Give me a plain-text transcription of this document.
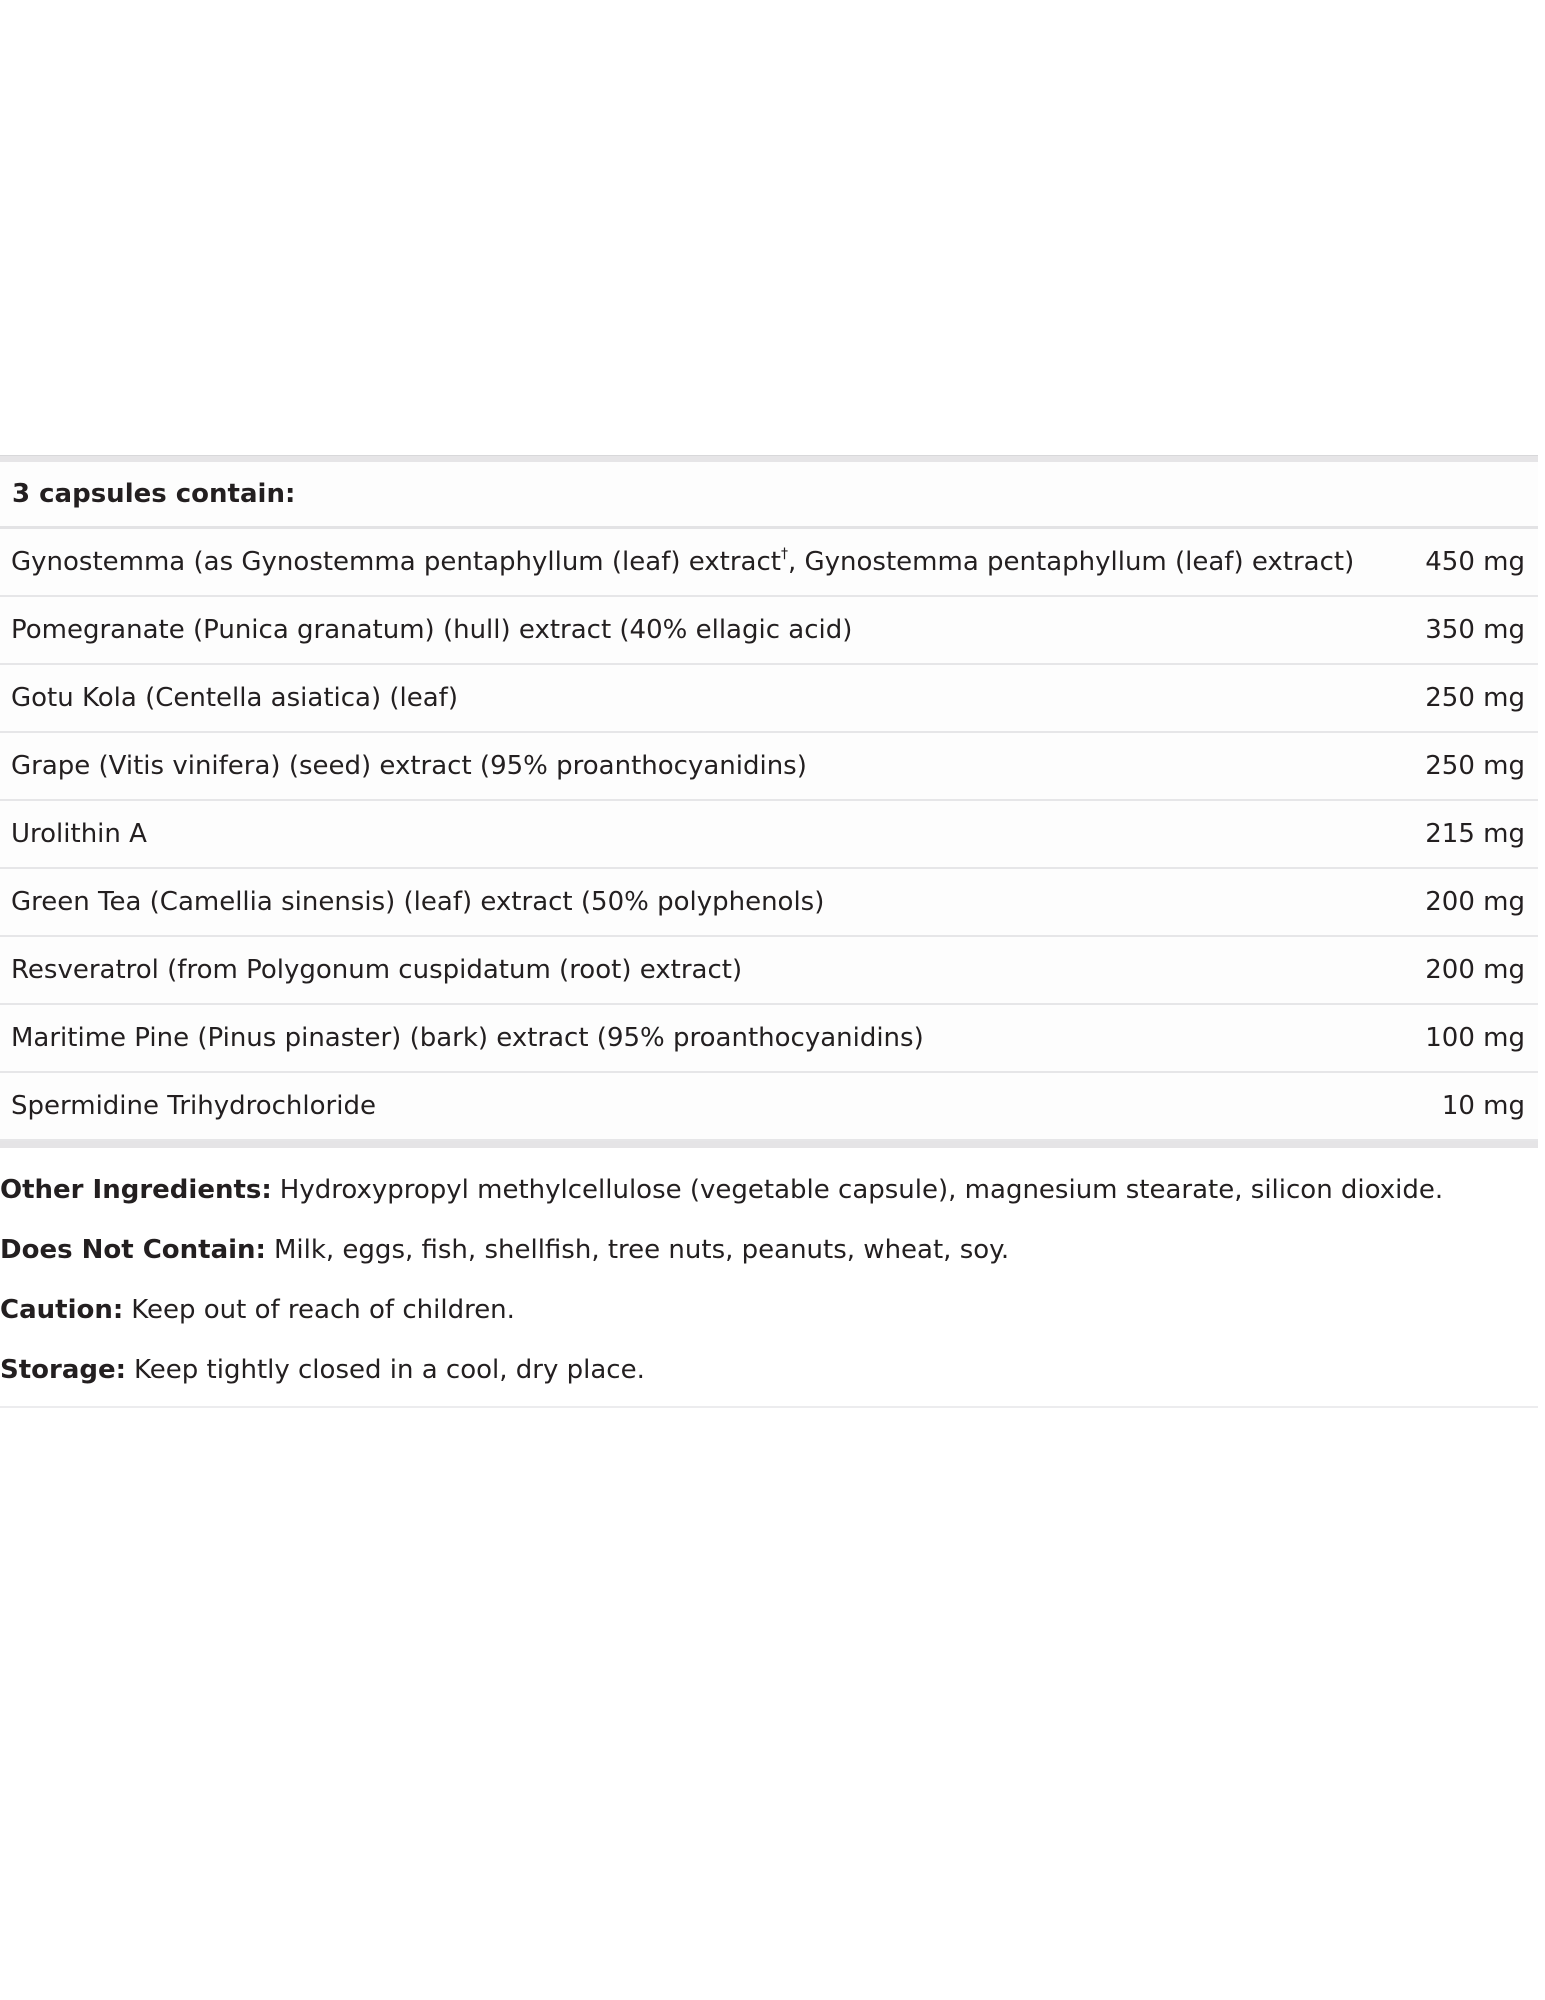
3 capsules contain:
Gynostemma (as Gynostemma pentaphyllum (leaf) extract†, Gynostemma pentaphyllum (leaf) extract)	450 mg
Pomegranate (Punica granatum) (hull) extract (40% ellagic acid)	350 mg
Gotu Kola (Centella asiatica) (leaf)	250 mg
Grape (Vitis vinifera) (seed) extract (95% proanthocyanidins)	250 mg
Urolithin A	215 mg
Green Tea (Camellia sinensis) (leaf) extract (50% polyphenols)	200 mg
Resveratrol (from Polygonum cuspidatum (root) extract)	200 mg
Maritime Pine (Pinus pinaster) (bark) extract (95% proanthocyanidins)	100 mg
Spermidine Trihydrochloride	10 mg
Other Ingredients: Hydroxypropyl methylcellulose (vegetable capsule), magnesium stearate, silicon dioxide.
Does Not Contain: Milk, eggs, fish, shellfish, tree nuts, peanuts, wheat, soy.
Caution: Keep out of reach of children.
Storage: Keep tightly closed in a cool, dry place.
